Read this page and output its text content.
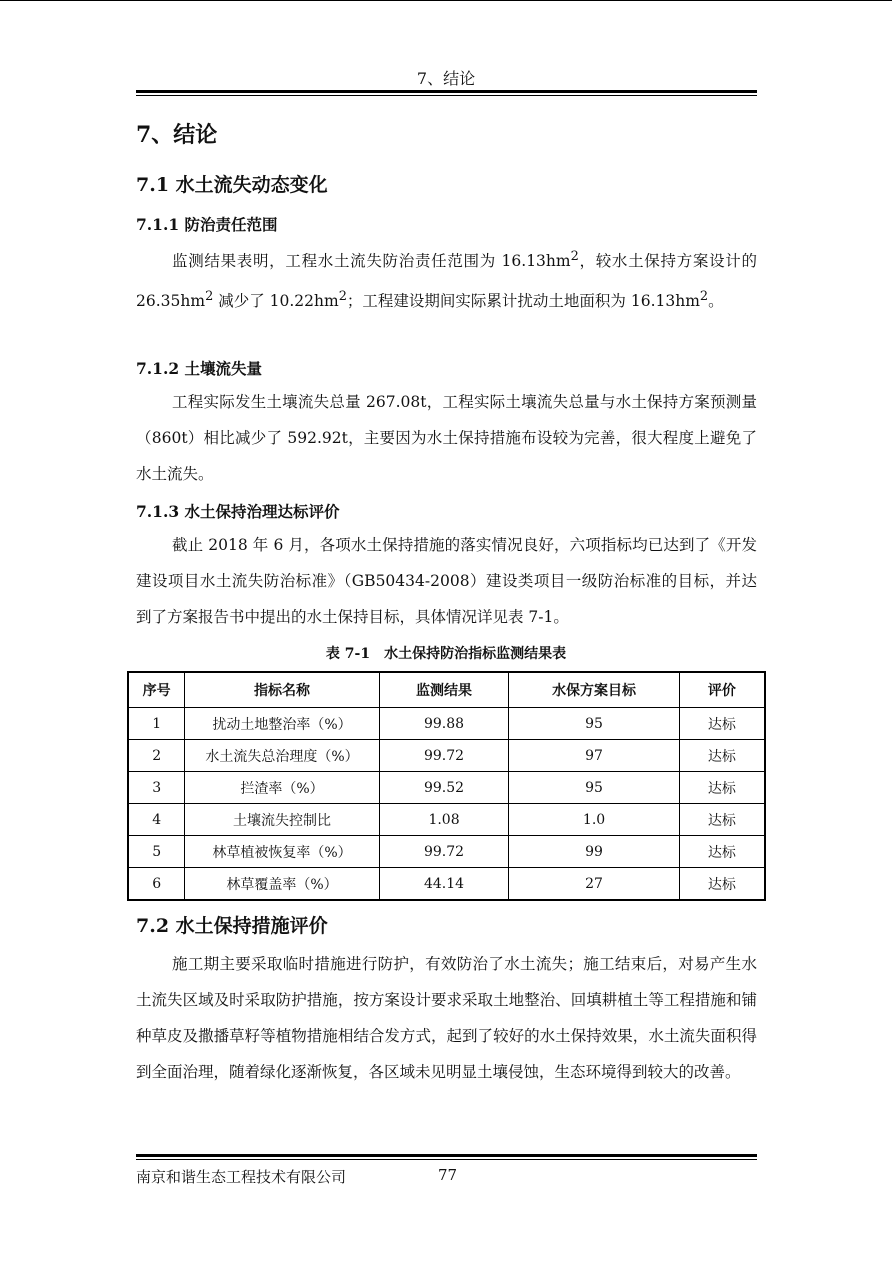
7、结论
7、结论
7.1 水土流失动态变化
7.1.1 防治责任范围
监测结果表明，工程水土流失防治责任范围为 $16.13hm^2$，较水土保持方案设计的 $26.35hm^2$ 减少了 $10.22hm^2$；工程建设期间实际累计扰动土地面积为 $16.13hm^2$。
7.1.2 土壤流失量
工程实际发生土壤流失总量 267.08t，工程实际土壤流失总量与水土保持方案预测量（860t）相比减少了 592.92t，主要因为水土保持措施布设较为完善，很大程度上避免了水土流失。
7.1.3 水土保持治理达标评价
截止 2018 年 6 月，各项水土保持措施的落实情况良好，六项指标均已达到了《开发建设项目水土流失防治标准》（GB50434-2008）建设类项目一级防治标准的目标，并达到了方案报告书中提出的水土保持目标，具体情况详见表 7-1。
表 7-1　水土保持防治指标监测结果表
序号	指标名称	监测结果	水保方案目标	评价
1	扰动土地整治率（%）	99.88	95	达标
2	水土流失总治理度（%）	99.72	97	达标
3	拦渣率（%）	99.52	95	达标
4	土壤流失控制比	1.08	1.0	达标
5	林草植被恢复率（%）	99.72	99	达标
6	林草覆盖率（%）	44.14	27	达标
7.2 水土保持措施评价
施工期主要采取临时措施进行防护，有效防治了水土流失；施工结束后，对易产生水土流失区域及时采取防护措施，按方案设计要求采取土地整治、回填耕植土等工程措施和铺种草皮及撒播草籽等植物措施相结合发方式，起到了较好的水土保持效果，水土流失面积得到全面治理，随着绿化逐渐恢复，各区域未见明显土壤侵蚀，生态环境得到较大的改善。
南京和谐生态工程技术有限公司	77
